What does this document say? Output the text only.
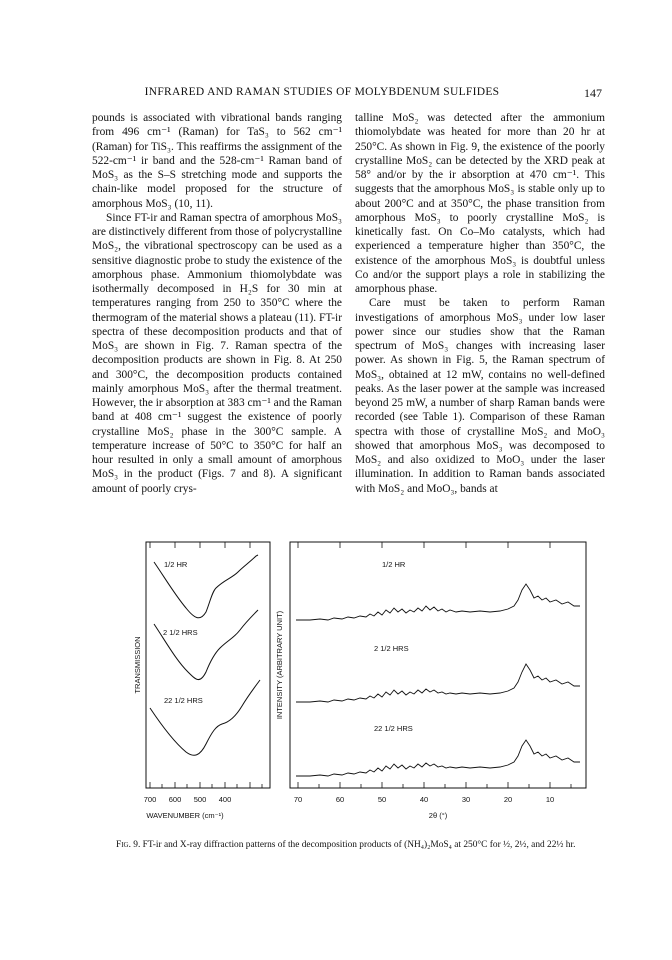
INFRARED AND RAMAN STUDIES OF MOLYBDENUM SULFIDES	147

pounds is associated with vibrational bands ranging from 496 cm⁻¹ (Raman) for TaS₃ to 562 cm⁻¹ (Raman) for TiS₃. This reaffirms the assignment of the 522-cm⁻¹ ir band and the 528-cm⁻¹ Raman band of MoS₃ as the S–S stretching mode and supports the chain-like model proposed for the structure of amorphous MoS₃ (10, 11).

Since FT-ir and Raman spectra of amorphous MoS₃ are distinctively different from those of polycrystalline MoS₂, the vibrational spectroscopy can be used as a sensitive diagnostic probe to study the existence of the amorphous phase. Ammonium thiomolybdate was isothermally decomposed in H₂S for 30 min at temperatures ranging from 250 to 350°C where the thermogram of the material shows a plateau (11). FT-ir spectra of these decomposition products and that of MoS₃ are shown in Fig. 7. Raman spectra of the decomposition products are shown in Fig. 8. At 250 and 300°C, the decomposition products contained mainly amorphous MoS₃ after the thermal treatment. However, the ir absorption at 383 cm⁻¹ and the Raman band at 408 cm⁻¹ suggest the existence of poorly crystalline MoS₂ phase in the 300°C sample. A temperature increase of 50°C to 350°C for half an hour resulted in only a small amount of amorphous MoS₃ in the product (Figs. 7 and 8). A significant amount of poorly crys-

talline MoS₂ was detected after the ammonium thiomolybdate was heated for more than 20 hr at 250°C. As shown in Fig. 9, the existence of the poorly crystalline MoS₂ can be detected by the XRD peak at 58° and/or by the ir absorption at 470 cm⁻¹. This suggests that the amorphous MoS₃ is stable only up to about 200°C and at 350°C, the phase transition from amorphous MoS₃ to poorly crystalline MoS₂ is kinetically fast. On Co–Mo catalysts, which had experienced a temperature higher than 350°C, the existence of the amorphous MoS₃ is doubtful unless Co and/or the support plays a role in stabilizing the amorphous phase.

Care must be taken to perform Raman investigations of amorphous MoS₃ under low laser power since our studies show that the Raman spectrum of MoS₃ changes with increasing laser power. As shown in Fig. 5, the Raman spectrum of MoS₃, obtained at 12 mW, contains no well-defined peaks. As the laser power at the sample was increased beyond 25 mW, a number of sharp Raman bands were recorded (see Table 1). Comparison of these Raman spectra with those of crystalline MoS₂ and MoO₃ showed that amorphous MoS₃ was decomposed to MoS₂ and also oxidized to MoO₃ under the laser illumination. In addition to Raman bands associated with MoS₂ and MoO₃, bands at

1/2 HR
2 1/2 HRS
22 1/2 HRS
700 600 500 400
WAVENUMBER (cm⁻¹)
TRANSMISSION	INTENSITY (ARBITRARY UNIT)
1/2 HR
2 1/2 HRS
22 1/2 HRS
70	60	50	40	30	20	10
2θ (°)
Fig. 9. FT-ir and X-ray diffraction patterns of the decomposition products of (NH₄)₂MoS₄ at 250°C for ½, 2½, and 22½ hr.
